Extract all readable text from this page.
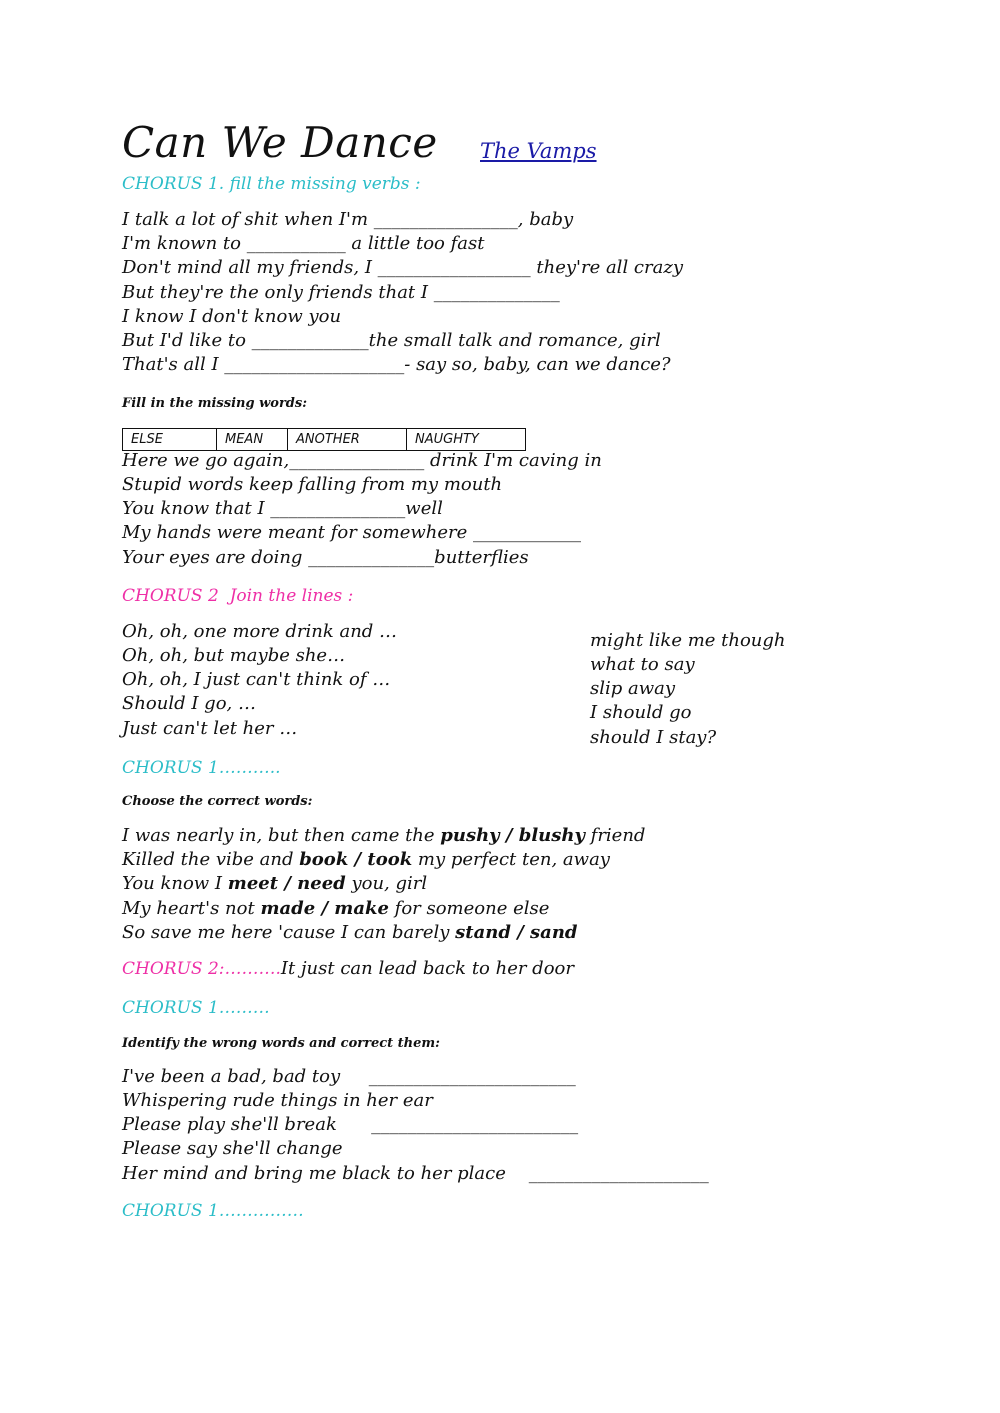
Can We Dance The Vamps
CHORUS 1. fill the missing verbs :
I talk a lot of shit when I'm ________________, baby
I'm known to ___________ a little too fast
Don't mind all my friends, I _________________ they're all crazy
But they're the only friends that I ______________
I know I don't know you
But I'd like to _____________the small talk and romance, girl
That's all I ____________________- say so, baby, can we dance?
Fill in the missing words:
ELSE	MEAN	ANOTHER	NAUGHTY
Here we go again,_______________ drink I'm caving in
Stupid words keep falling from my mouth
You know that I _______________well
My hands were meant for somewhere ____________
Your eyes are doing ______________butterflies
CHORUS 2  Join the lines :
Oh, oh, one more drink and …
Oh, oh, but maybe she…
Oh, oh, I just can't think of …
Should I go, …
Just can't let her …
might like me though
what to say
slip away
I should go
should I stay?
CHORUS 1………..
Choose the correct words:
I was nearly in, but then came the pushy / blushy friend
Killed the vibe and book / took my perfect ten, away
You know I meet / need you, girl
My heart's not made / make for someone else
So save me here 'cause I can barely stand / sand
CHORUS 2:……….It just can lead back to her door
CHORUS 1………
Identify the wrong words and correct them:
I've been a bad, bad toy     _______________________
Whispering rude things in her ear
Please play she'll break      _______________________
Please say she'll change
Her mind and bring me black to her place    ____________________
CHORUS 1……………
